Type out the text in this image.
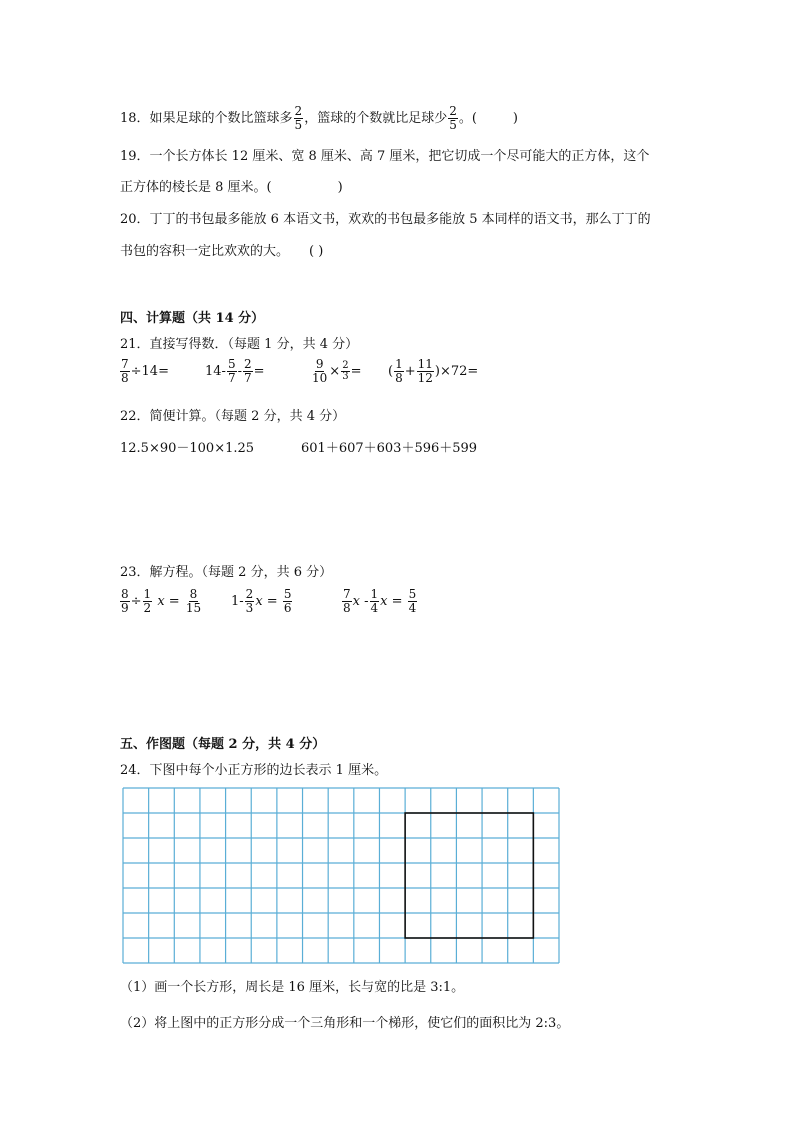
18．如果足球的个数比篮球多 $\frac{2}{5}$ ，篮球的个数就比足球少 $\frac{2}{5}$ 。(	)
19．一个长方体长 12 厘米、宽 8 厘米、高 7 厘米，把它切成一个尽可能大的正方体，这个
正方体的棱长是 8 厘米。(	)
20．丁丁的书包最多能放 6 本语文书，欢欢的书包最多能放 5 本同样的语文书，那么丁丁的
书包的容积一定比欢欢的大。 ( )
四、计算题（共 14 分）
21．直接写得数．（每题 1 分，共 4 分）
$\frac{7}{8} \div 14=$	$14- \frac{5}{7} - \frac{2}{7}$ =	$\frac{9}{10} \times \frac{2}{3}$ = ( $\frac{1}{8} + \frac{11}{12} )\times 72=$
22．简便计算。（每题 2 分，共 4 分）
12.5×90－100×1.25	601＋607＋603＋596＋599
23．解方程。（每题 2 分，共 6 分）
$\frac{8}{9} \div \frac{1}{2}$ $x = \frac{8}{15} 1- \frac{2}{3}$ $x = \frac{5}{6}$	$\frac{7}{8}$ x - $\frac{1}{4}$ $x = \frac{5}{4}$
五、作图题（每题 2 分，共 4 分）
24．下图中每个小正方形的边长表示 1 厘米。
（1）画一个长方形，周长是 16 厘米，长与宽的比是 3:1。
（2）将上图中的正方形分成一个三角形和一个梯形，使它们的面积比为 2:3。
